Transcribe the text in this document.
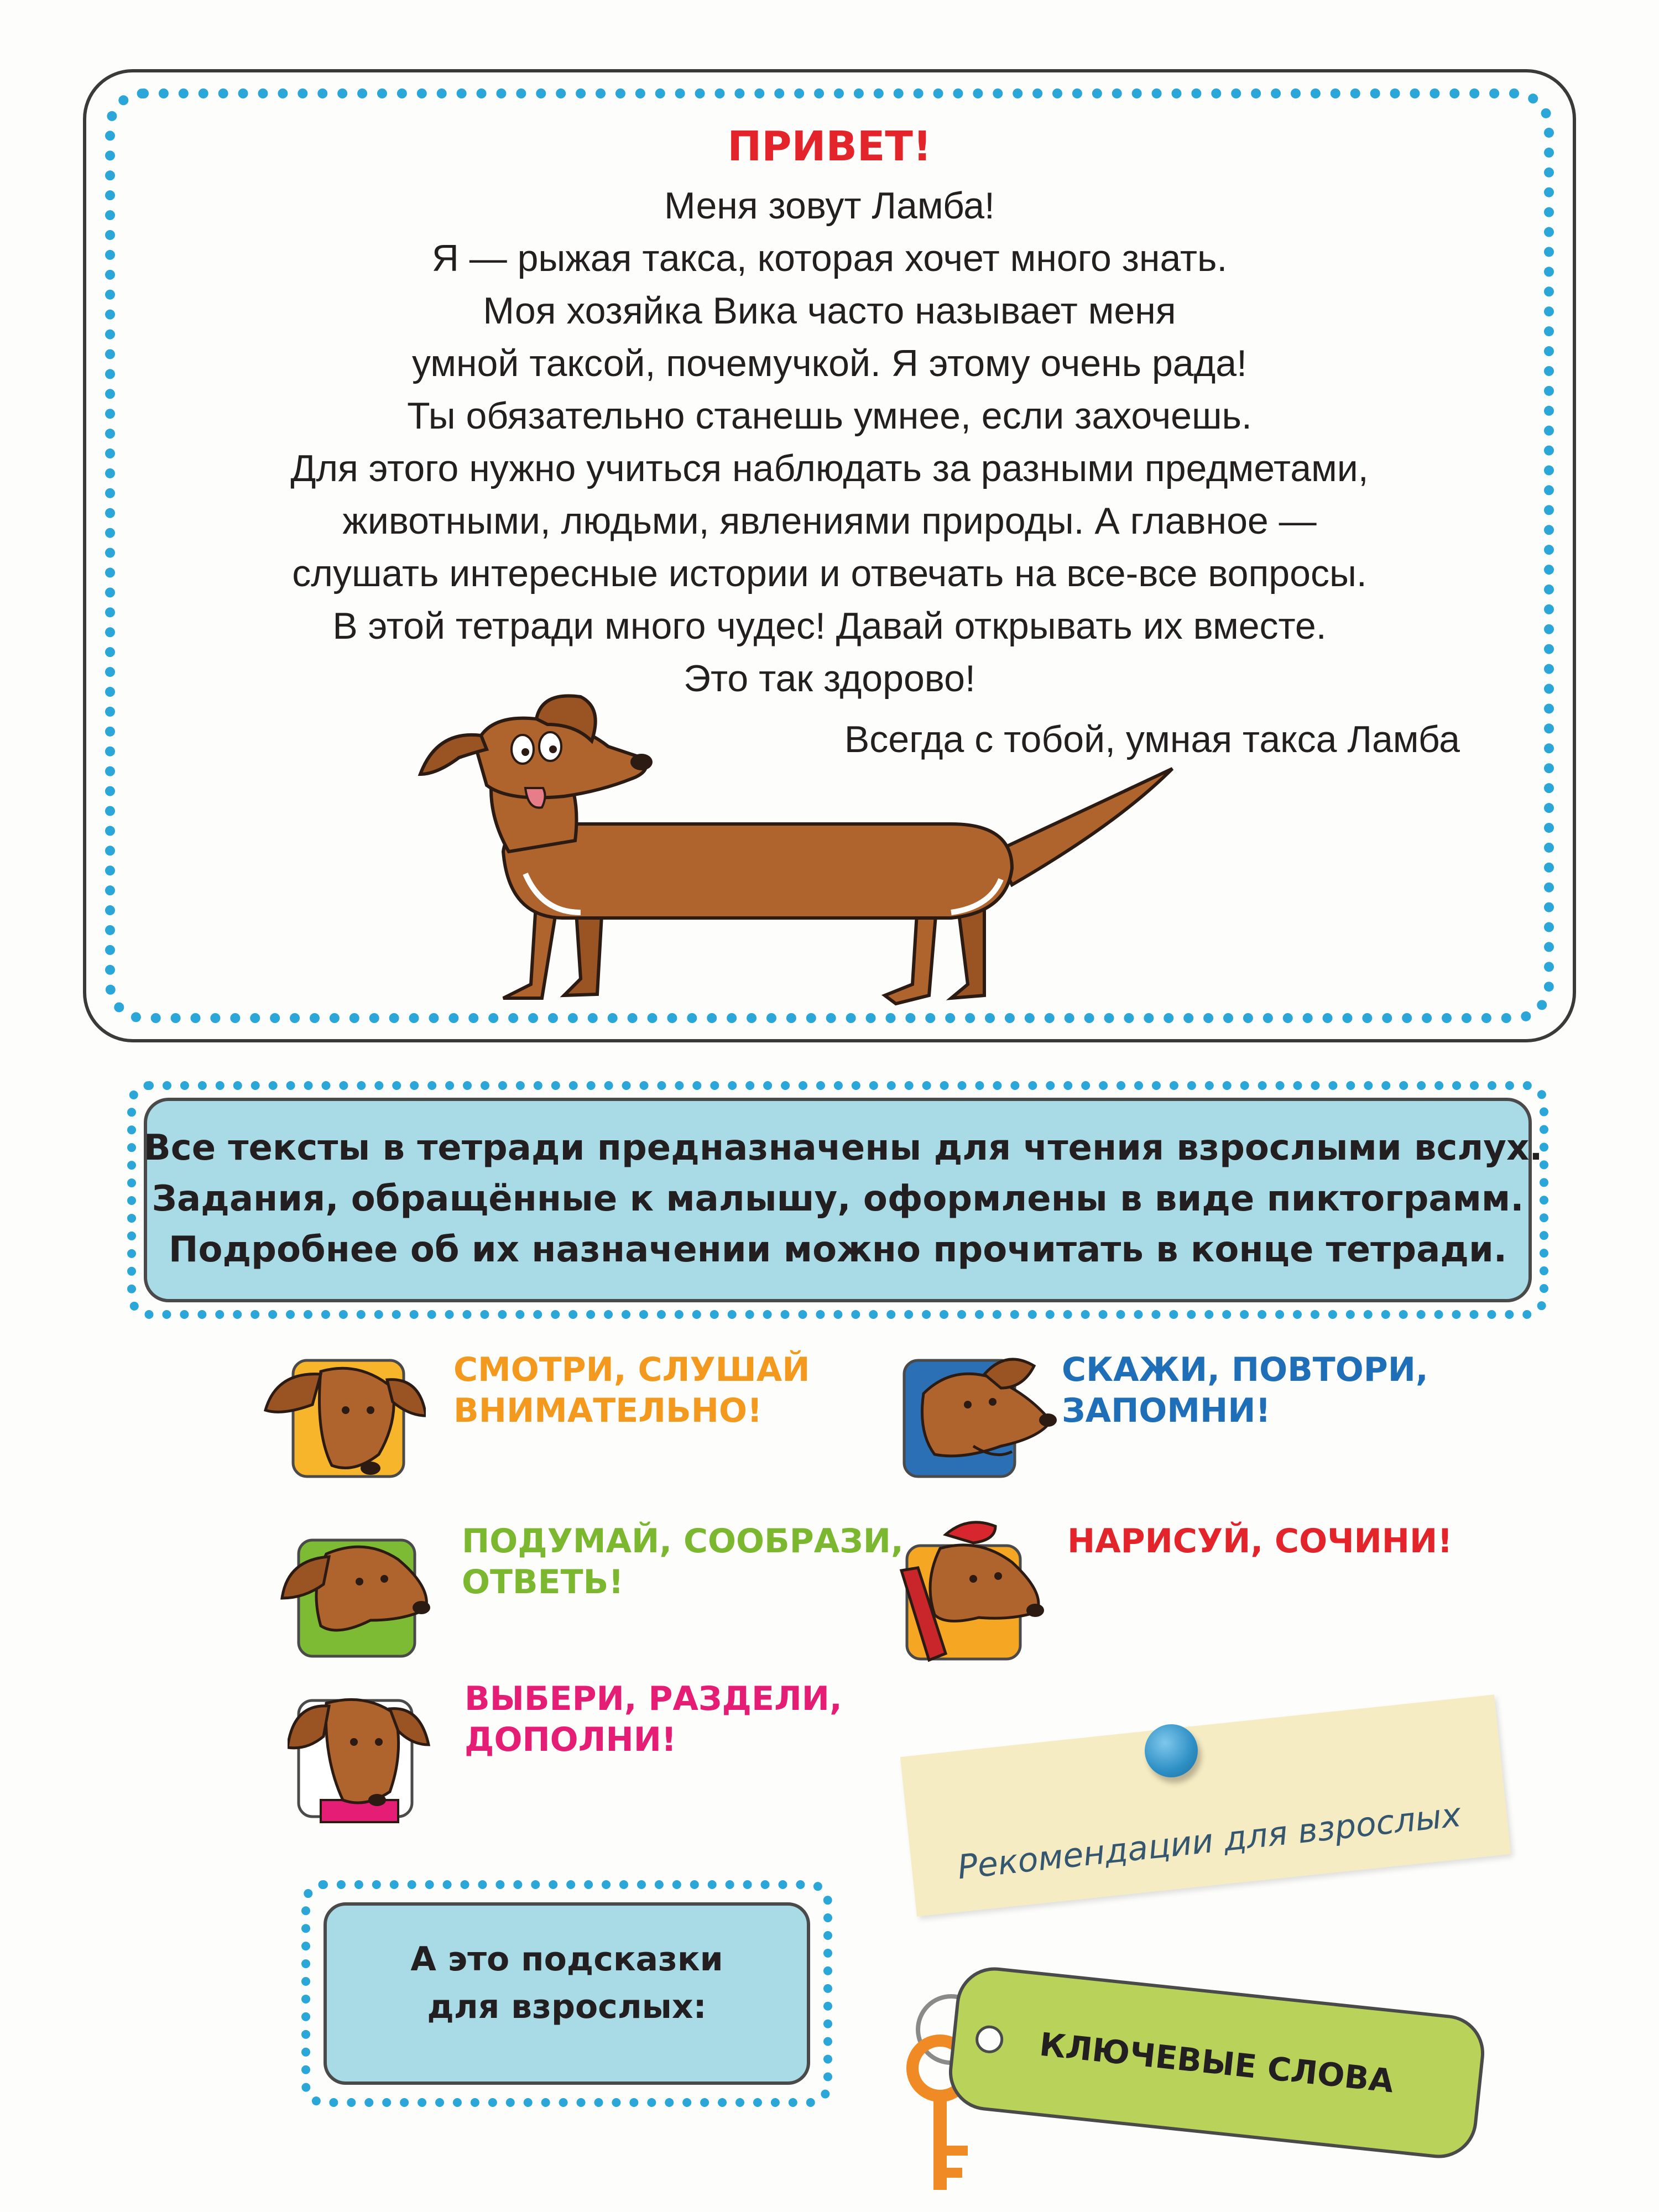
ПРИВЕТ!
Меня зовут Ламба!
Я — рыжая такса, которая хочет много знать.
Моя хозяйка Вика часто называет меня
умной таксой, почемучкой. Я этому очень рада!
Ты обязательно станешь умнее, если захочешь.
Для этого нужно учиться наблюдать за разными предметами,
животными, людьми, явлениями природы. А главное —
слушать интересные истории и отвечать на все-все вопросы.
В этой тетради много чудес! Давай открывать их вместе.
Это так здорово!
Всегда с тобой, умная такса Ламба
Все тексты в тетради предназначены для чтения взрослыми вслух.
Задания, обращённые к малышу, оформлены в виде пиктограмм.
Подробнее об их назначении можно прочитать в конце тетради.
СМОТРИ, СЛУШАЙ
ВНИМАТЕЛЬНО!
СКАЖИ, ПОВТОРИ,
ЗАПОМНИ!
ПОДУМАЙ, СООБРАЗИ,
ОТВЕТЬ!
НАРИСУЙ, СОЧИНИ!
ВЫБЕРИ, РАЗДЕЛИ,
ДОПОЛНИ!
Рекомендации для взрослых
А это подсказки
для взрослых:
КЛЮЧЕВЫЕ СЛОВА
